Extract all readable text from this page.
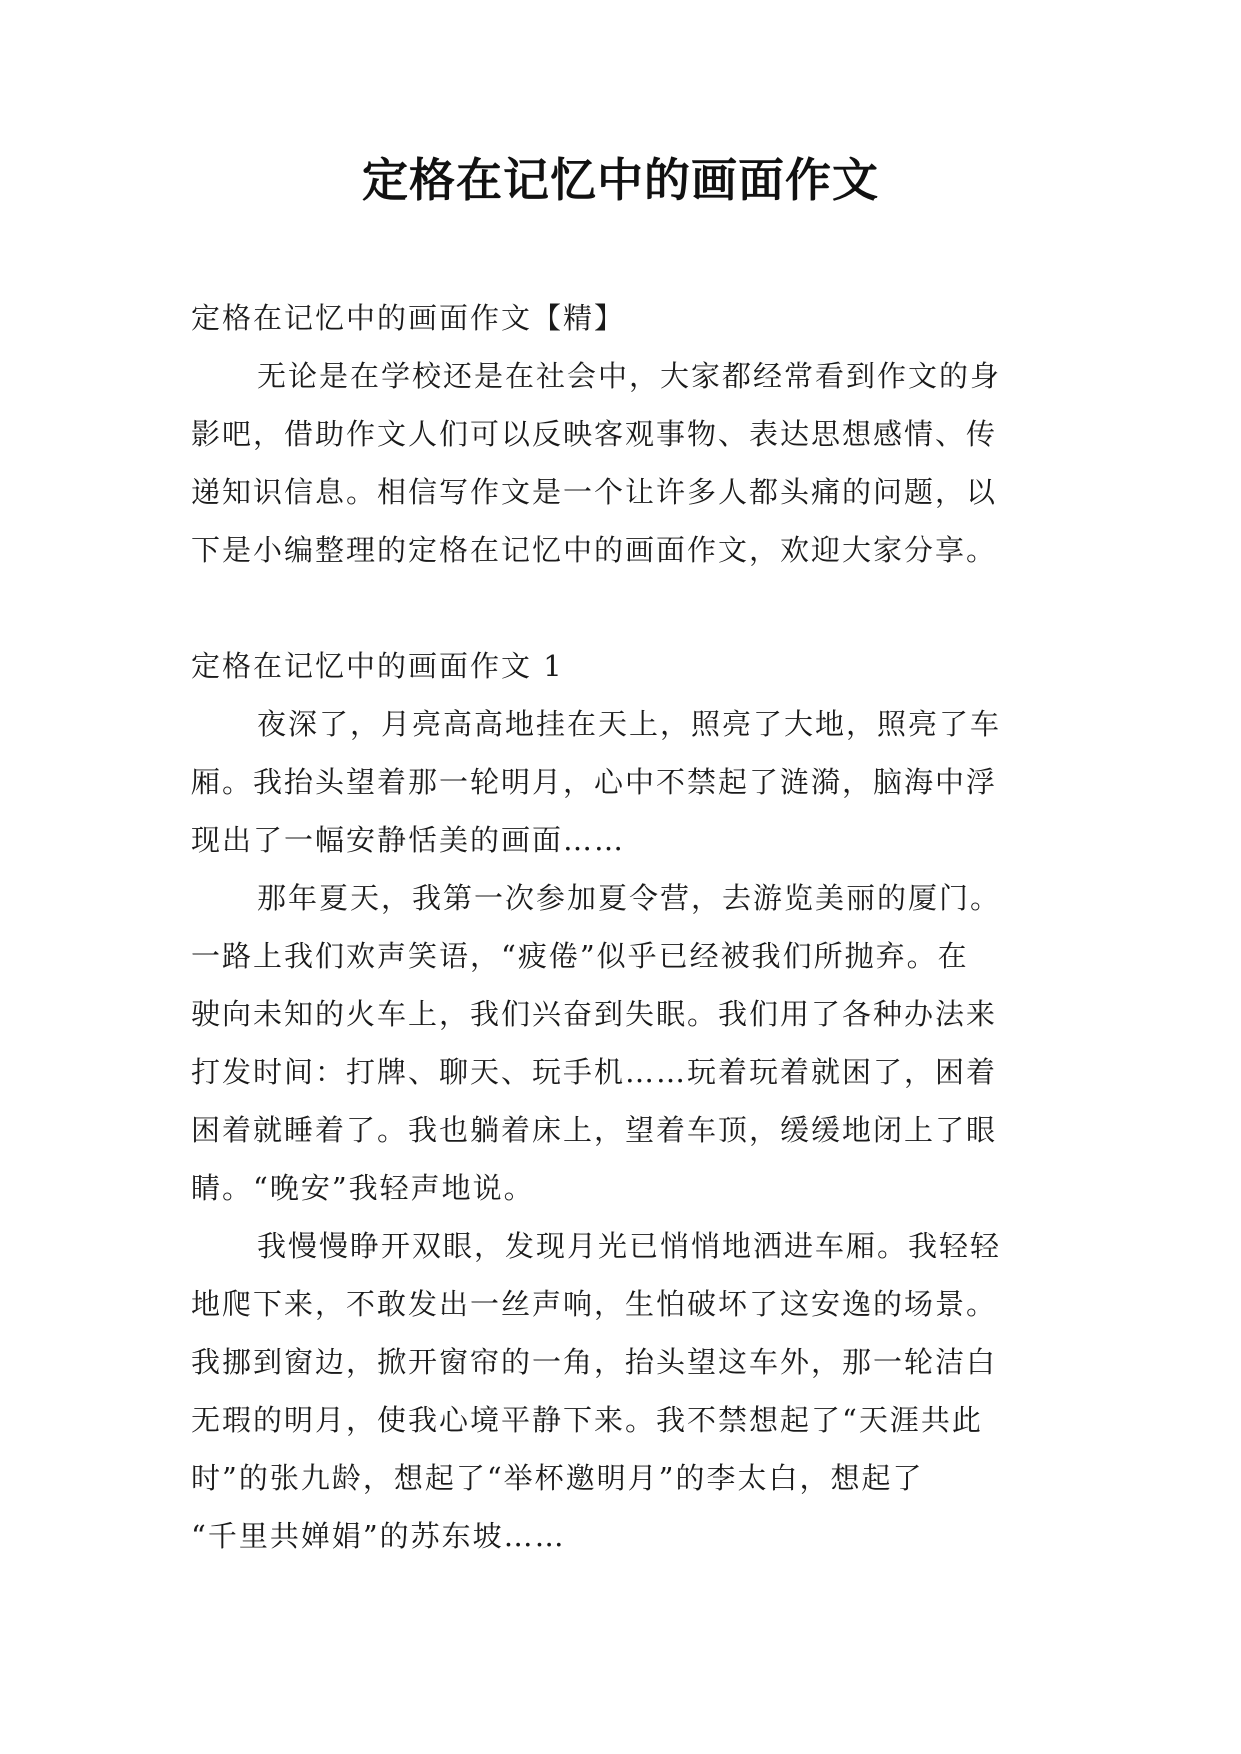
定格在记忆中的画面作文
定格在记忆中的画面作文【精】
无论是在学校还是在社会中，大家都经常看到作文的身
影吧，借助作文人们可以反映客观事物、表达思想感情、传
递知识信息。相信写作文是一个让许多人都头痛的问题，以
下是小编整理的定格在记忆中的画面作文，欢迎大家分享。
定格在记忆中的画面作文 1
夜深了，月亮高高地挂在天上，照亮了大地，照亮了车
厢。我抬头望着那一轮明月，心中不禁起了涟漪，脑海中浮
现出了一幅安静恬美的画面……
那年夏天，我第一次参加夏令营，去游览美丽的厦门。
一路上我们欢声笑语，“疲倦”似乎已经被我们所抛弃。在
驶向未知的火车上，我们兴奋到失眠。我们用了各种办法来
打发时间：打牌、聊天、玩手机……玩着玩着就困了，困着
困着就睡着了。我也躺着床上，望着车顶，缓缓地闭上了眼
睛。“晚安”我轻声地说。
我慢慢睁开双眼，发现月光已悄悄地洒进车厢。我轻轻
地爬下来，不敢发出一丝声响，生怕破坏了这安逸的场景。
我挪到窗边，掀开窗帘的一角，抬头望这车外，那一轮洁白
无瑕的明月，使我心境平静下来。我不禁想起了“天涯共此
时”的张九龄，想起了“举杯邀明月”的李太白，想起了
“千里共婵娟”的苏东坡……
